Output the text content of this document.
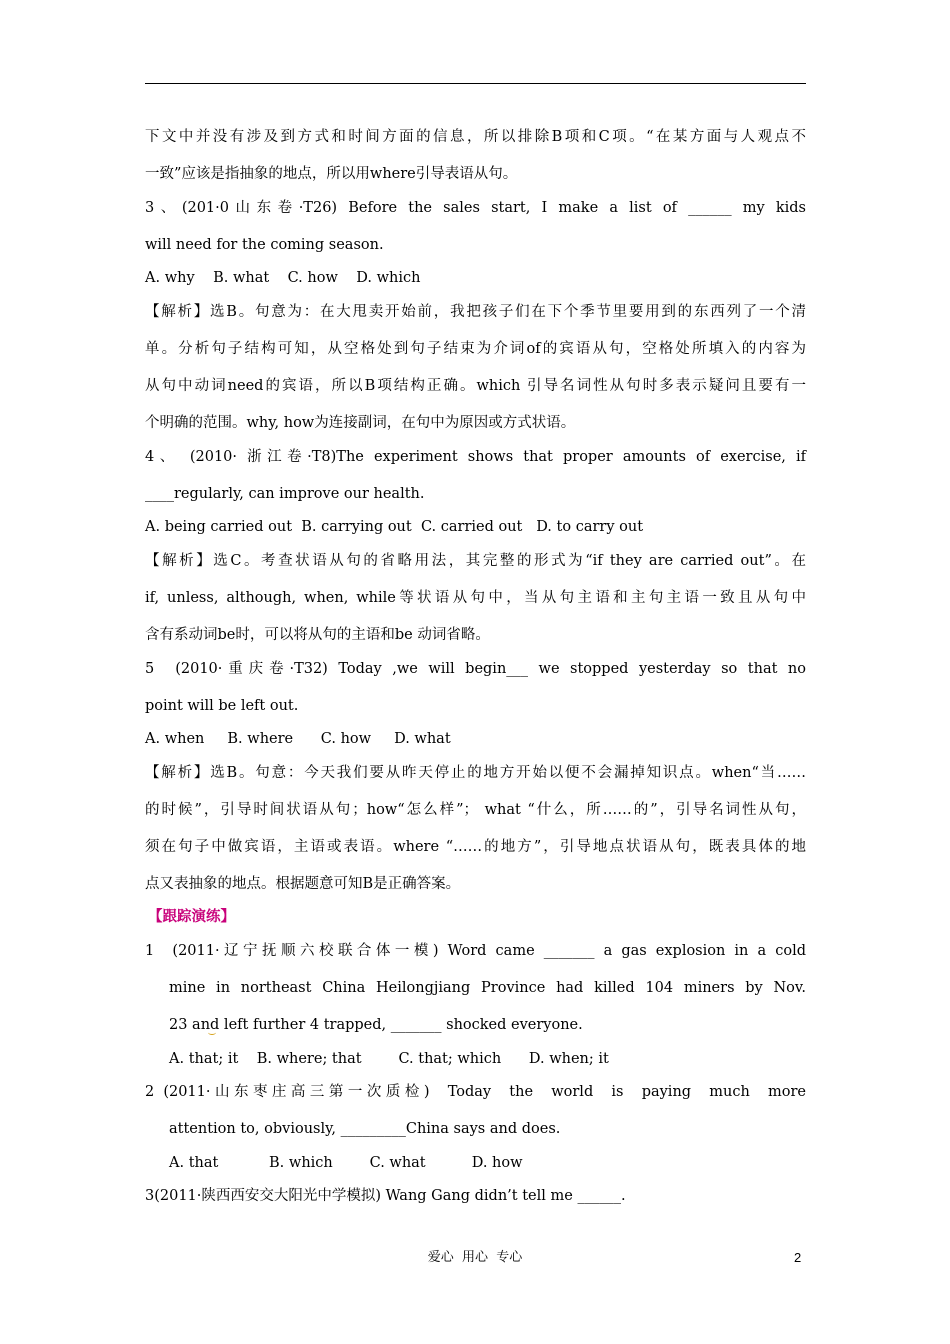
下文中并没有涉及到方式和时间方面的信息，所以排除B项和C项。“在某方面与人观点不
一致”应该是指抽象的地点，所以用where引导表语从句。
3、(201·0山东卷·T26) Before the sales start, I make a list of ______ my kids
will need for the coming season.
A. why    B. what    C. how    D. which
【解析】选B。句意为：在大甩卖开始前，我把孩子们在下个季节里要用到的东西列了一个清
单。分析句子结构可知，从空格处到句子结束为介词of的宾语从句，空格处所填入的内容为
从句中动词need的宾语，所以B项结构正确。which 引导名词性从句时多表示疑问且要有一
个明确的范围。why, how为连接副词，在句中为原因或方式状语。
4、 (2010· 浙江卷·T8)The experiment shows that proper amounts of exercise, if
____regularly, can improve our health.
A. being carried out  B. carrying out  C. carried out   D. to carry out
【解析】选C。考查状语从句的省略用法，其完整的形式为“if they are carried out”。在
if, unless, although, when, while等状语从句中，当从句主语和主句主语一致且从句中
含有系动词be时，可以将从句的主语和be 动词省略。
5  (2010·重庆卷·T32) Today ,we will begin___ we stopped yesterday so that no
point will be left out.
A. when     B. where      C. how     D. what
【解析】选B。句意：今天我们要从昨天停止的地方开始以便不会漏掉知识点。when“当……
的时候”，引导时间状语从句；how“怎么样”； what “什么，所……的”，引导名词性从句，
须在句子中做宾语，主语或表语。where “……的地方”，引导地点状语从句，既表具体的地
点又表抽象的地点。根据题意可知B是正确答案。
【跟踪演练】
1  (2011·辽宁抚顺六校联合体一模) Word came _______ a gas explosion in a cold
mine in northeast China Heilongjiang Province had killed 104 miners by Nov.
23 and left further 4 trapped, _______ shocked everyone.
A. that; it    B. where; that        C. that; which      D. when; it
2 (2011·山东枣庄高三第一次质检)  Today  the  world  is  paying  much  more
attention to, obviously, _________China says and does.
A. that           B. which        C. what          D. how
3(2011·陕西西安交大阳光中学模拟) Wang Gang didn’t tell me ______.
爱心  用心  专心	2
